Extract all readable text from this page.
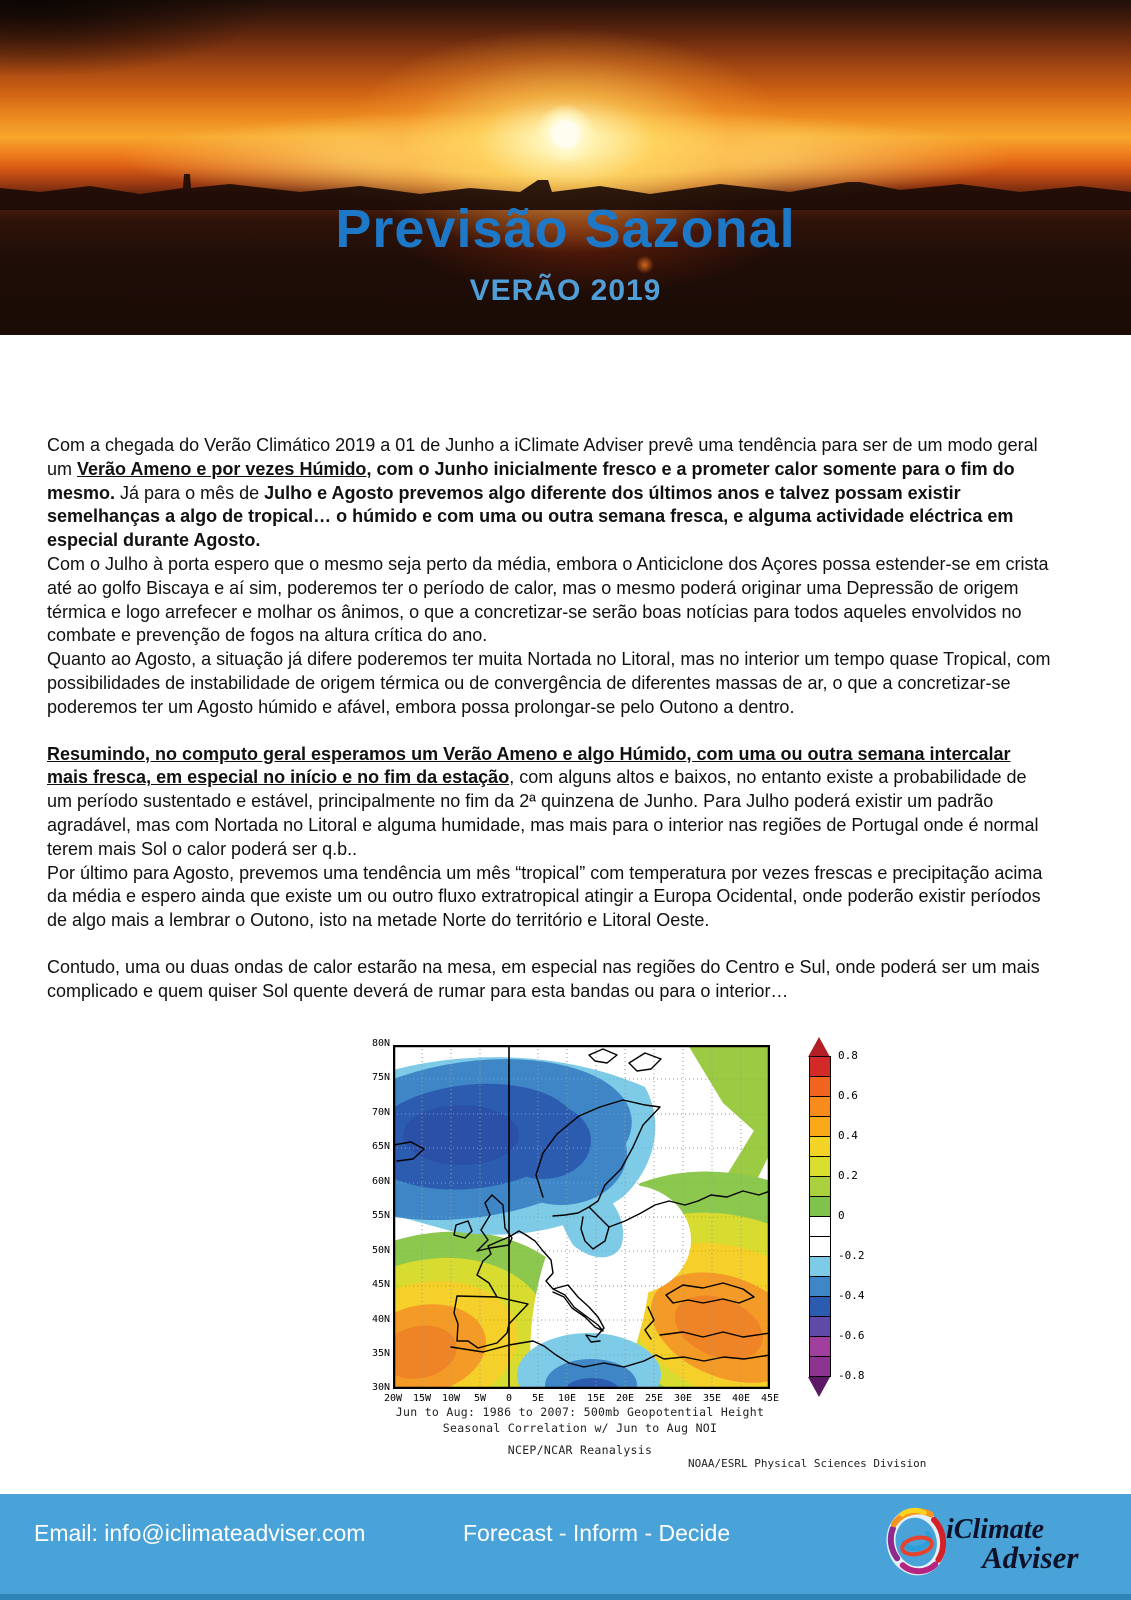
Previsão Sazonal
VERÃO 2019

Com a chegada do Verão Climático 2019 a 01 de Junho a iClimate Adviser prevê uma tendência para ser de um modo geral um Verão Ameno e por vezes Húmido, com o Junho inicialmente fresco e a prometer calor somente para o fim do mesmo. Já para o mês de Julho e Agosto prevemos algo diferente dos últimos anos e talvez possam existir semelhanças a algo de tropical… o húmido e com uma ou outra semana fresca, e alguma actividade eléctrica em especial durante Agosto.

Com o Julho à porta espero que o mesmo seja perto da média, embora o Anticiclone dos Açores possa estender-se em crista até ao golfo Biscaya e aí sim, poderemos ter o período de calor, mas o mesmo poderá originar uma Depressão de origem térmica e logo arrefecer e molhar os ânimos, o que a concretizar-se serão boas notícias para todos aqueles envolvidos no combate e prevenção de fogos na altura crítica do ano.

Quanto ao Agosto, a situação já difere poderemos ter muita Nortada no Litoral, mas no interior um tempo quase Tropical, com possibilidades de instabilidade de origem térmica ou de convergência de diferentes massas de ar, o que a concretizar-se poderemos ter um Agosto húmido e afável, embora possa prolongar-se pelo Outono a dentro.

Resumindo, no computo geral esperamos um Verão Ameno e algo Húmido, com uma ou outra semana intercalar mais fresca, em especial no início e no fim da estação, com alguns altos e baixos, no entanto existe a probabilidade de um período sustentado e estável, principalmente no fim da 2ª quinzena de Junho. Para Julho poderá existir um padrão agradável, mas com Nortada no Litoral e alguma humidade, mas mais para o interior nas regiões de Portugal onde é normal terem mais Sol o calor poderá ser q.b..
Por último para Agosto, prevemos uma tendência um mês “tropical” com temperatura por vezes frescas e precipitação acima da média e espero ainda que existe um ou outro fluxo extratropical atingir a Europa Ocidental, onde poderão existir períodos de algo mais a lembrar o Outono, isto na metade Norte do território e Litoral Oeste.

Contudo, uma ou duas ondas de calor estarão na mesa, em especial nas regiões do Centro e Sul, onde poderá ser um mais complicado e quem quiser Sol quente deverá de rumar para esta bandas ou para o interior…

80N
75N
70N
65N
60N
55N
50N
45N
40N
35N
30N
20W	15W	10W	5W	0	5E	10E	15E	20E	25E	30E	35E	40E	45E
0.8
0.6
0.4
0.2
0
-0.2
-0.4
-0.6
-0.8
Jun to Aug: 1986 to 2007: 500mb Geopotential Height
Seasonal Correlation w/ Jun to Aug NOI
NCEP/NCAR Reanalysis
NOAA/ESRL Physical Sciences Division
Email: info@iclimateadviser.com	Forecast - Inform - Decide	iClimate
Adviser
